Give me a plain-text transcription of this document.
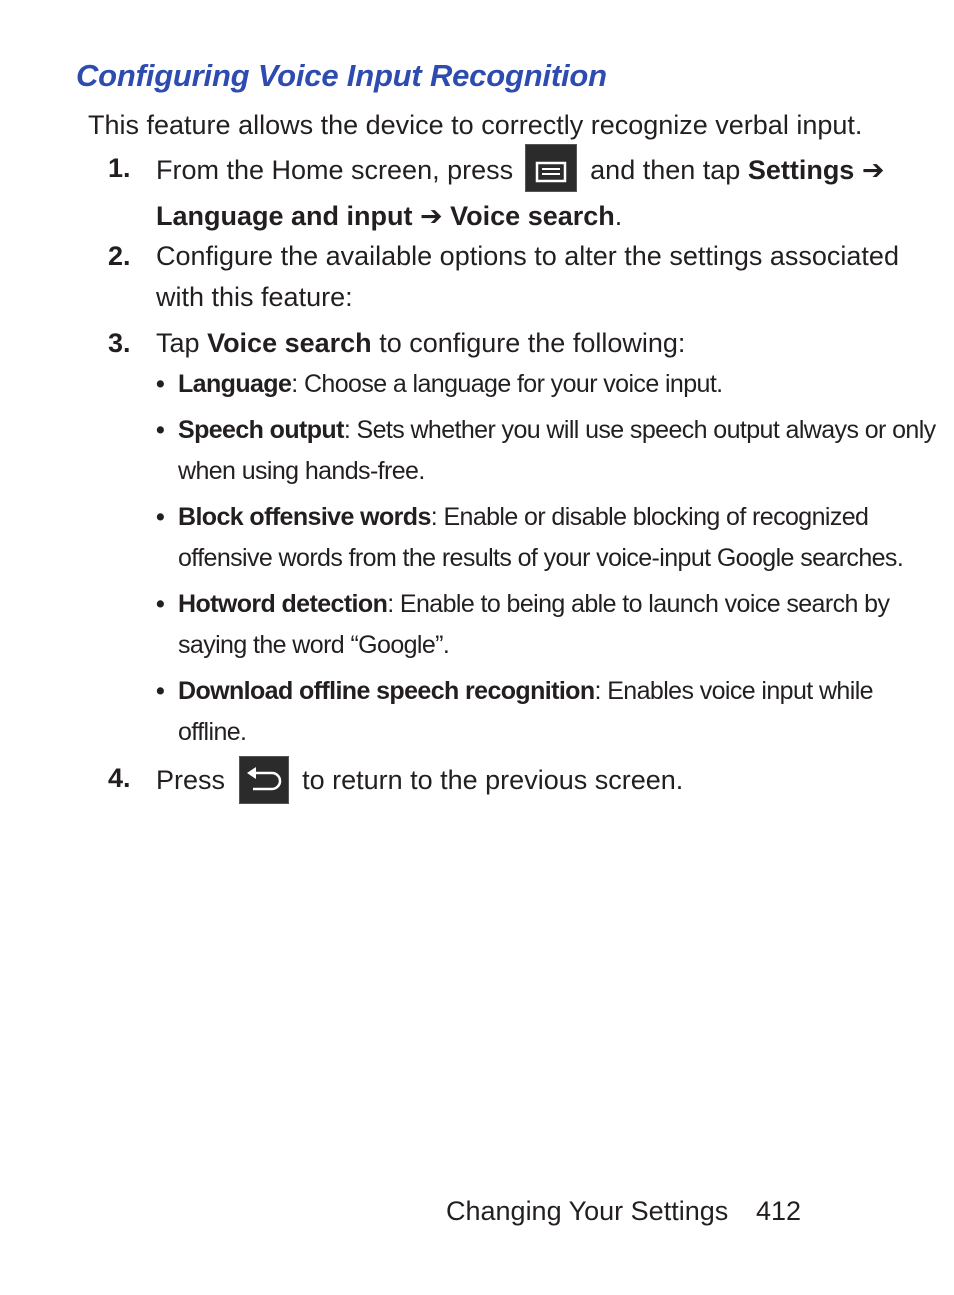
Configuring Voice Input Recognition
This feature allows the device to correctly recognize verbal input.
1. From the Home screen, press	and then tap Settings ➔
Language and input ➔ Voice search.
2. Configure the available options to alter the settings associated
with this feature:
3. Tap Voice search to configure the following:
• Language: Choose a language for your voice input.
• Speech output: Sets whether you will use speech output always or only
when using hands-free.
• Block offensive words: Enable or disable blocking of recognized
offensive words from the results of your voice-input Google searches.
• Hotword detection: Enable to being able to launch voice search by
saying the word “Google”.
• Download offline speech recognition: Enables voice input while
offline.
4. Press	to return to the previous screen.
Changing Your Settings 412
